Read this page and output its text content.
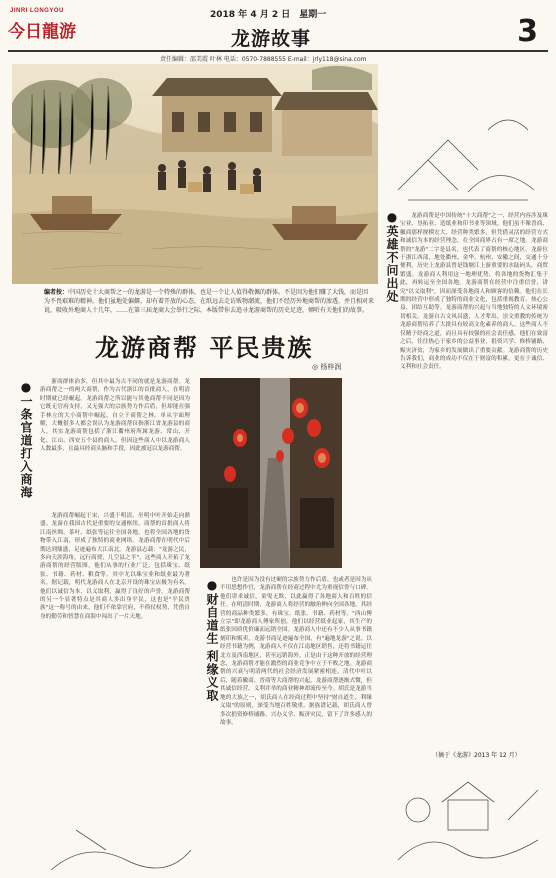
JINRI LONGYOU
今日龍游
2018 年 4 月 2 日　星期一
龙游故事	3
责任编辑：邵美霞 叶林 电话：0570-7888555 E-mail：jrly118@sina.com
编者按：中国历史十大商帮之一的龙游是一个特殊的群体，也是一个让人值得敬佩的群体。不是因为他们赚了大钱，而是因为不畏艰难的精神。他们虽地处偏僻，却有着开放的心态，在纸远去走访贩物潮流，他们不经历外地商帮的渗透，并且相对来说，吸收外地商人十几年，……在第三届龙商大会举行之际，本版带你去追寻龙游商帮的历史足迹，倾听有关他们的故事。
龙游商帮 平民贵族
◎ 杨梓润
●一条官道打入商海
●英雄不问出处
●财自道生 利缘义取

浙商群体治多，但其中最为古不同的就是龙游商帮。龙游商帮之一的两大商帮，作为古代浙江的首批商人，在明清时期就已经崛起。龙游商帮之所以能与其他商帮不同是因为它既无官府支持，又无强大的宗族势力作后盾，但却能在强手林立的大小商帮中崛起，自立于商帮之林。单从字面理解，大概很多人都会误认为龙游商帮仅指浙江省龙游县的商人，其实龙游商帮包括了浙江衢州府所属龙游、常山、开化、江山、西安五个县的商人，但因这些商人中以龙游商人人数最多，且最具经商头脑和手段，因此被冠以龙游商帮。

龙游商帮崛起于宋，兴盛于明清，至明中叶开始走向鼎盛。龙游在我国古代是重要的交通枢纽，商帮的首批商人将江南丝绸、茶叶、纸张等运往全国各地，也将全国各地的货物带入江南，形成了独特的商业网络。龙游商帮在明代中后期达到鼎盛，足迹遍布大江南北。龙游县志载："龙游之民，多向天涯海角，远行商贾，几空县之半"。这些商人开拓了龙游商帮的经营版图，他们从事的行业广泛，包括珠宝、纸张、书籍、药材、粮食等，其中尤以珠宝业和纸业最为著名。据记载，明代龙游商人在北京开设的珠宝店极为有名。他们以诚信为本，以义取利，赢得了良好的声誉。龙游商帮的另一个显著特点是其商人多出身平民，这也是"平民贵族"这一称号的由来。他们不依靠官府，不倚仗权势，凭借自身的勤劳和智慧在商海中闯出了一片天地。

也许是因为没有过硬的宗族势力作后盾，也或者是因为从不用思想作官，龙游商帮在经商过程中尤为重视信誉与口碑。他们讲求诚信，童叟无欺，以此赢得了各地商人和百姓的信任。在明清时期，龙游商人将经营的触角伸向全国各地，其经营的商品种类繁多，有珠宝、纸张、书籍、药材等。"西山傅立宗"即龙游商人傅家所创，他们以经营纸业起家，其生产的纸张因质优价廉而远销全国。龙游商人中还有不少人从事书籍刻印和贩卖，龙游书商足迹遍布全国，有"遍地龙游"之说。以经营书籍为例，龙游商人不仅在江南地区销售，还将书籍运往北方及西南地区，甚至远销海外。正是由于这种开放的经营理念，龙游商帮才能在激烈的商业竞争中立于不败之地。龙游商帮的兴衰与明清两代的社会经济发展紧密相连。清代中叶以后，随着徽商、晋商等大商帮的兴起，龙游商帮逐渐式微，但其诚信经营、义利并举的商业精神却流传至今。胡氏是龙游当地的大族之一，胡氏商人在经商过程中坚持"财自道生，利缘义取"的原则，深受当地百姓敬重。据族谱记载，胡氏商人曾多次捐资修桥铺路、兴办义学、赈济灾民，留下了许多感人的故事。

龙游商帮是中国传统"十大商帮"之一，经营内容涉及珠宝业、垦拓业、造纸业和印书业等领域。他们虽不像晋商、徽商那样规模宏大、经营种类繁多，但凭借灵活的经营方式和诚信为本的经营理念，在全国商界占有一席之地。龙游商帮的"龙游"二字是县名，也代表了商帮的核心地区。龙游位于浙江西部，地处衢州、金华、杭州、安徽之间，交通十分便利。历史上龙游县曾是钱塘江上游重要的水陆码头，商贸繁盛。龙游商人利用这一地理优势，将各地的货物汇集于此，再转运至全国各地。龙游商帮在经营中注重信誉，讲究"以义取利"，因而深受各地商人和顾客的信赖。他们在长期的经营中形成了独特的商业文化，包括重视教育、热心公益、团结互助等。龙游商帮的兴起与当地独特的人文环境密切相关。龙游自古文风昌盛，人才辈出，崇文重教的传统为龙游商帮培养了大批具有较高文化素养的商人。这些商人不仅精于经商之道，而且具有较强的社会责任感，他们在致富之后，往往热心于家乡的公益事业，捐资兴学、修桥铺路、赈灾济贫，为家乡的发展做出了重要贡献。龙游商帮的历史告诉我们，商业的成功不仅在于财富的积累，更在于诚信、义利和社会责任。

（摘于《龙游》2013 年 12 月）
